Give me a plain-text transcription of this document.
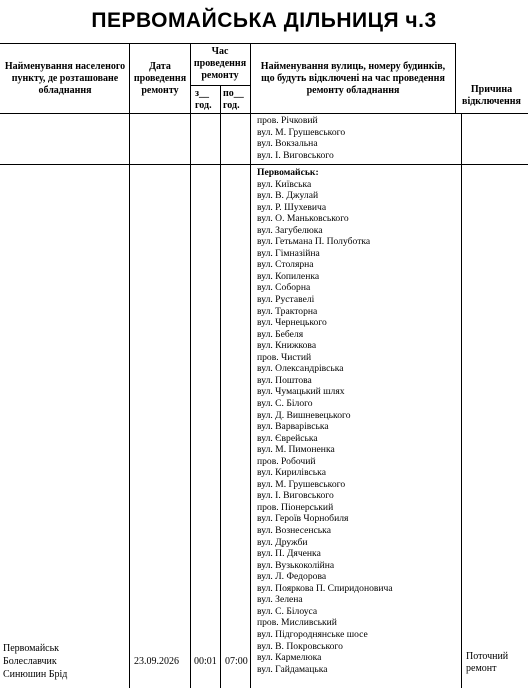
ПЕРВОМАЙСЬКА ДІЛЬНИЦЯ ч.3
Найменування населеного пункту, де розташоване обладнання
Дата проведення ремонту
Час проведення ремонту
з__ год.
по__ год.
Найменування вулиць, номеру будинків, що будуть відключені на час проведення ремонту обладнання	Причина відключення
пров. Річковий
вул. М. Грушевського
вул. Вокзальна
вул. І. Виговського
Первомайськ:
вул. Київська
вул. В. Джулай
вул. Р. Шухевича
вул. О. Маньковського
вул. Загубелюка
вул. Гетьмана П. Полуботка
вул. Гімназійна
вул. Столярна
вул. Копиленка
вул. Соборна
вул. Руставелі
вул. Тракторна
вул. Чернецького
вул. Бебеля
вул. Книжкова
пров. Чистий
вул. Олександрівська
вул. Поштова
вул. Чумацький шлях
вул. С. Білого
вул. Д. Вишневецького
вул. Варварівська
вул. Єврейська
вул. М. Пимоненка
пров. Робочий
вул. Кирилівська
вул. М. Грушевського
вул. І. Виговського
пров. Піонерський
вул. Героїв Чорнобиля
вул. Вознесенська
вул. Дружби
вул. П. Дяченка
вул. Вузькоколійна
вул. Л. Федорова
вул. Пояркова П. Спиридоновича
вул. Зелена
вул. С. Білоуса
пров. Мисливський
вул. Підгороднянське шосе
вул. В. Покровського
вул. Кармелюка
вул. Гайдамацька
Первомайськ
Болеславчик
Синюшин Брід
23.09.2026 00:01 07:00	Поточний
ремонт
